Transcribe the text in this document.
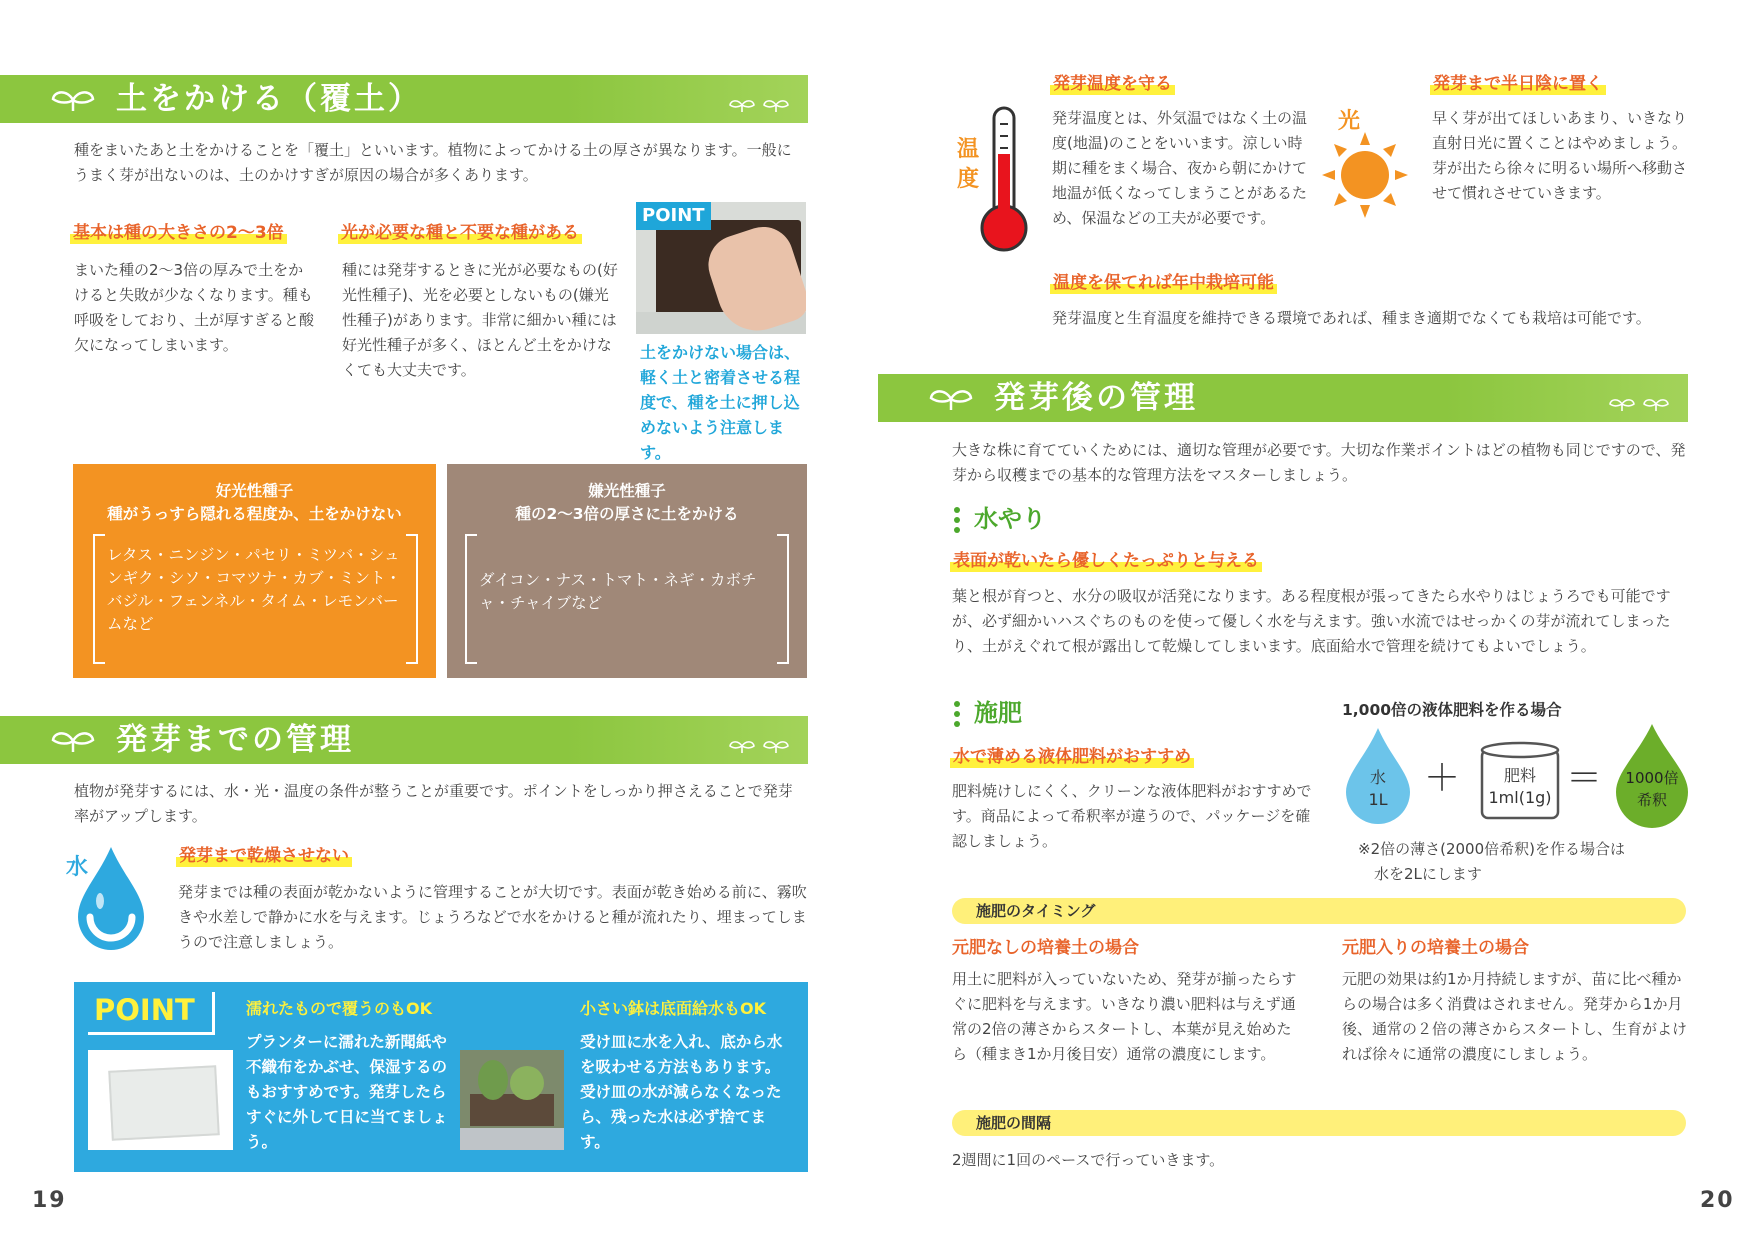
土をかける（覆土）
種をまいたあと土をかけることを「覆土」といいます。植物によってかける土の厚さが異なります。一般にうまく芽が出ないのは、土のかけすぎが原因の場合が多くあります。
基本は種の大きさの2〜3倍
まいた種の2〜3倍の厚みで土をかけると失敗が少なくなります。種も呼吸をしており、土が厚すぎると酸欠になってしまいます。
光が必要な種と不要な種がある
種には発芽するときに光が必要なもの(好光性種子)、光を必要としないもの(嫌光性種子)があります。非常に細かい種には好光性種子が多く、ほとんど土をかけなくても大丈夫です。
POINT
土をかけない場合は、軽く土と密着させる程度で、種を土に押し込めないよう注意します。
好光性種子
種がうっすら隠れる程度か、土をかけない
レタス・ニンジン・パセリ・ミツバ・シュンギク・シソ・コマツナ・カブ・ミント・バジル・フェンネル・タイム・レモンバームなど
嫌光性種子
種の2〜3倍の厚さに土をかける
ダイコン・ナス・トマト・ネギ・カボチャ・チャイブなど
発芽までの管理
植物が発芽するには、水・光・温度の条件が整うことが重要です。ポイントをしっかり押さえることで発芽率がアップします。
水	発芽まで乾燥させない
発芽までは種の表面が乾かないように管理することが大切です。表面が乾き始める前に、霧吹きや水差しで静かに水を与えます。じょうろなどで水をかけると種が流れたり、埋まってしまうので注意しましょう。
POINT	濡れたもので覆うのもOK
プランターに濡れた新聞紙や不織布をかぶせ、保湿するのもおすすめです。発芽したらすぐに外して日に当てましょう。
小さい鉢は底面給水もOK
受け皿に水を入れ、底から水を吸わせる方法もあります。受け皿の水が減らなくなったら、残った水は必ず捨てます。
19
温度
発芽温度を守る
発芽温度とは、外気温ではなく土の温度(地温)のことをいいます。涼しい時期に種をまく場合、夜から朝にかけて地温が低くなってしまうことがあるため、保温などの工夫が必要です。
光
発芽まで半日陰に置く
早く芽が出てほしいあまり、いきなり直射日光に置くことはやめましょう。芽が出たら徐々に明るい場所へ移動させて慣れさせていきます。
温度を保てれば年中栽培可能
発芽温度と生育温度を維持できる環境であれば、種まき適期でなくても栽培は可能です。
発芽後の管理
大きな株に育てていくためには、適切な管理が必要です。大切な作業ポイントはどの植物も同じですので、発芽から収穫までの基本的な管理方法をマスターしましょう。
水やり
表面が乾いたら優しくたっぷりと与える
葉と根が育つと、水分の吸収が活発になります。ある程度根が張ってきたら水やりはじょうろでも可能ですが、必ず細かいハスぐちのものを使って優しく水を与えます。強い水流ではせっかくの芽が流れてしまったり、土がえぐれて根が露出して乾燥してしまいます。底面給水で管理を続けてもよいでしょう。
施肥
水で薄める液体肥料がおすすめ
肥料焼けしにくく、クリーンな液体肥料がおすすめです。商品によって希釈率が違うので、パッケージを確認しましょう。
1,000倍の液体肥料を作る場合
水
1L
＋	肥料
1ml(1g) ＝	1000倍
希釈
※2倍の薄さ(2000倍希釈)を作る場合は
水を2Lにします
施肥のタイミング
元肥なしの培養土の場合
用土に肥料が入っていないため、発芽が揃ったらすぐに肥料を与えます。いきなり濃い肥料は与えず通常の2倍の薄さからスタートし、本葉が見え始めたら（種まき1か月後目安）通常の濃度にします。
元肥入りの培養土の場合
元肥の効果は約1か月持続しますが、苗に比べ種からの場合は多く消費はされません。発芽から1か月後、通常の２倍の薄さからスタートし、生育がよければ徐々に通常の濃度にしましょう。
施肥の間隔
2週間に1回のペースで行っていきます。
20
